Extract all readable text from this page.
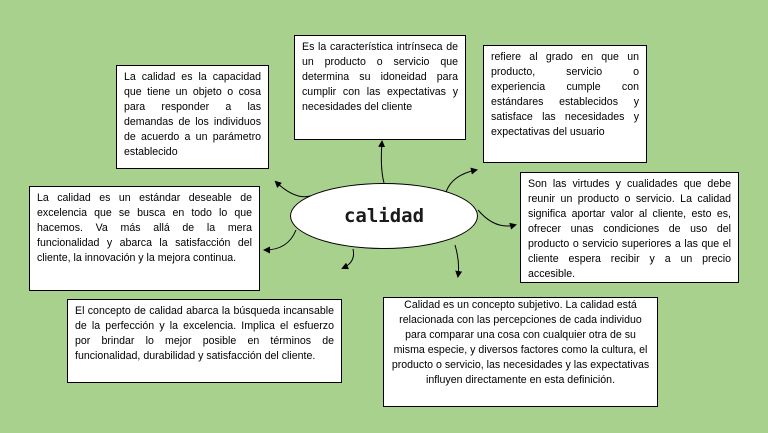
La calidad es la capacidad que tiene un objeto o cosa para responder a las demandas de los individuos de acuerdo a un parámetro establecido
Es la característica intrínseca de un producto o servicio que determina su idoneidad para cumplir con las expectativas y necesidades del cliente
refiere al grado en que un producto, servicio o experiencia cumple con estándares establecidos y satisface las necesidades y expectativas del usuario
Son las virtudes y cualidades que debe reunir un producto o servicio. La calidad significa aportar valor al cliente, esto es, ofrecer unas condiciones de uso del producto o servicio superiores a las que el cliente espera recibir y a un precio accesible.
La calidad es un estándar deseable de excelencia que se busca en todo lo que hacemos. Va más allá de la mera funcionalidad y abarca la satisfacción del cliente, la innovación y la mejora continua.
El concepto de calidad abarca la búsqueda incansable de la perfección y la excelencia. Implica el esfuerzo por brindar lo mejor posible en términos de funcionalidad, durabilidad y satisfacción del cliente.
Calidad es un concepto subjetivo. La calidad está relacionada con las percepciones de cada individuo para comparar una cosa con cualquier otra de su misma especie, y diversos factores como la cultura, el producto o servicio, las necesidades y las expectativas influyen directamente en esta definición.
calidad
